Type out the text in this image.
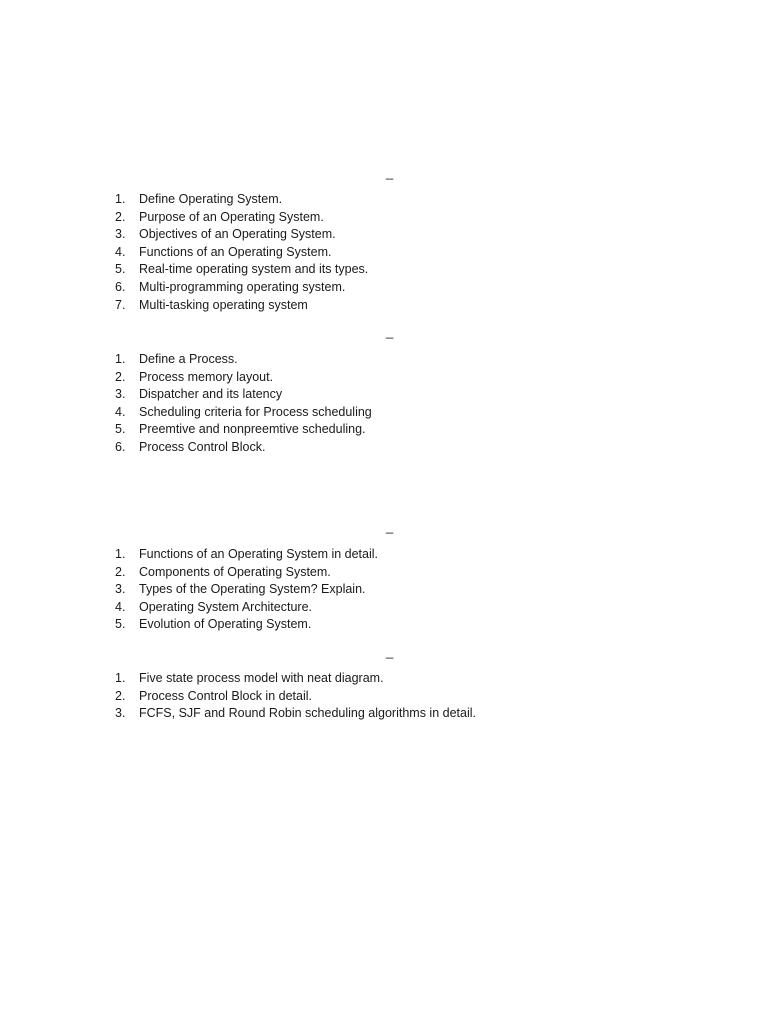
_
1.	Define Operating System.
2.	Purpose of an Operating System.
3.	Objectives of an Operating System.
4.	Functions of an Operating System.
5.	Real-time operating system and its types.
6.	Multi-programming operating system.
7.	Multi-tasking operating system
_
1.	Define a Process.
2.	Process memory layout.
3.	Dispatcher and its latency
4.	Scheduling criteria for Process scheduling
5.	Preemtive and nonpreemtive scheduling.
6.	Process Control Block.
_
1.	Functions of an Operating System in detail.
2.	Components of Operating System.
3.	Types of the Operating System? Explain.
4.	Operating System Architecture.
5.	Evolution of Operating System.
_
1.	Five state process model with neat diagram.
2.	Process Control Block in detail.
3.	FCFS, SJF and Round Robin scheduling algorithms in detail.
